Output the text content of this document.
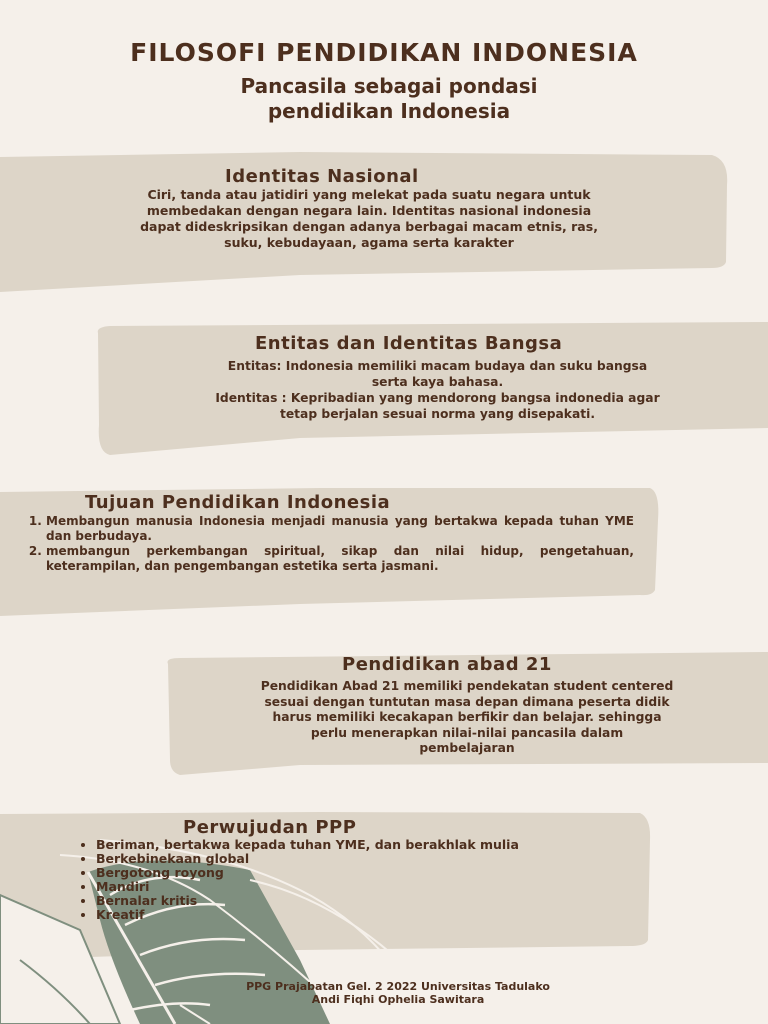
FILOSOFI PENDIDIKAN INDONESIA
Pancasila sebagai pondasi
pendidikan Indonesia
Identitas Nasional
Ciri, tanda atau jatidiri yang melekat pada suatu negara untuk
membedakan dengan negara lain. Identitas nasional indonesia
dapat dideskripsikan dengan adanya berbagai macam etnis, ras,
suku, kebudayaan, agama serta karakter
Entitas dan Identitas Bangsa
Entitas: Indonesia memiliki macam budaya dan suku bangsa
serta kaya bahasa.
Identitas : Kepribadian yang mendorong bangsa indonedia agar
tetap berjalan sesuai norma yang disepakati.
Tujuan Pendidikan Indonesia
1. Membangun manusia Indonesia menjadi manusia yang bertakwa kepada tuhan YME dan berbudaya.
2. membangun perkembangan spiritual, sikap dan nilai hidup, pengetahuan, keterampilan, dan pengembangan estetika serta jasmani.
Pendidikan abad 21
Pendidikan Abad 21 memiliki pendekatan student centered
sesuai dengan tuntutan masa depan dimana peserta didik
harus memiliki kecakapan berfikir dan belajar. sehingga
perlu menerapkan nilai-nilai pancasila dalam
pembelajaran
Perwujudan PPP
• Beriman, bertakwa kepada tuhan YME, dan berakhlak mulia
• Berkebinekaan global
• Bergotong royong
• Mandiri
• Bernalar kritis
• Kreatif
PPG Prajabatan Gel. 2 2022 Universitas Tadulako
Andi Fiqhi Ophelia Sawitara
